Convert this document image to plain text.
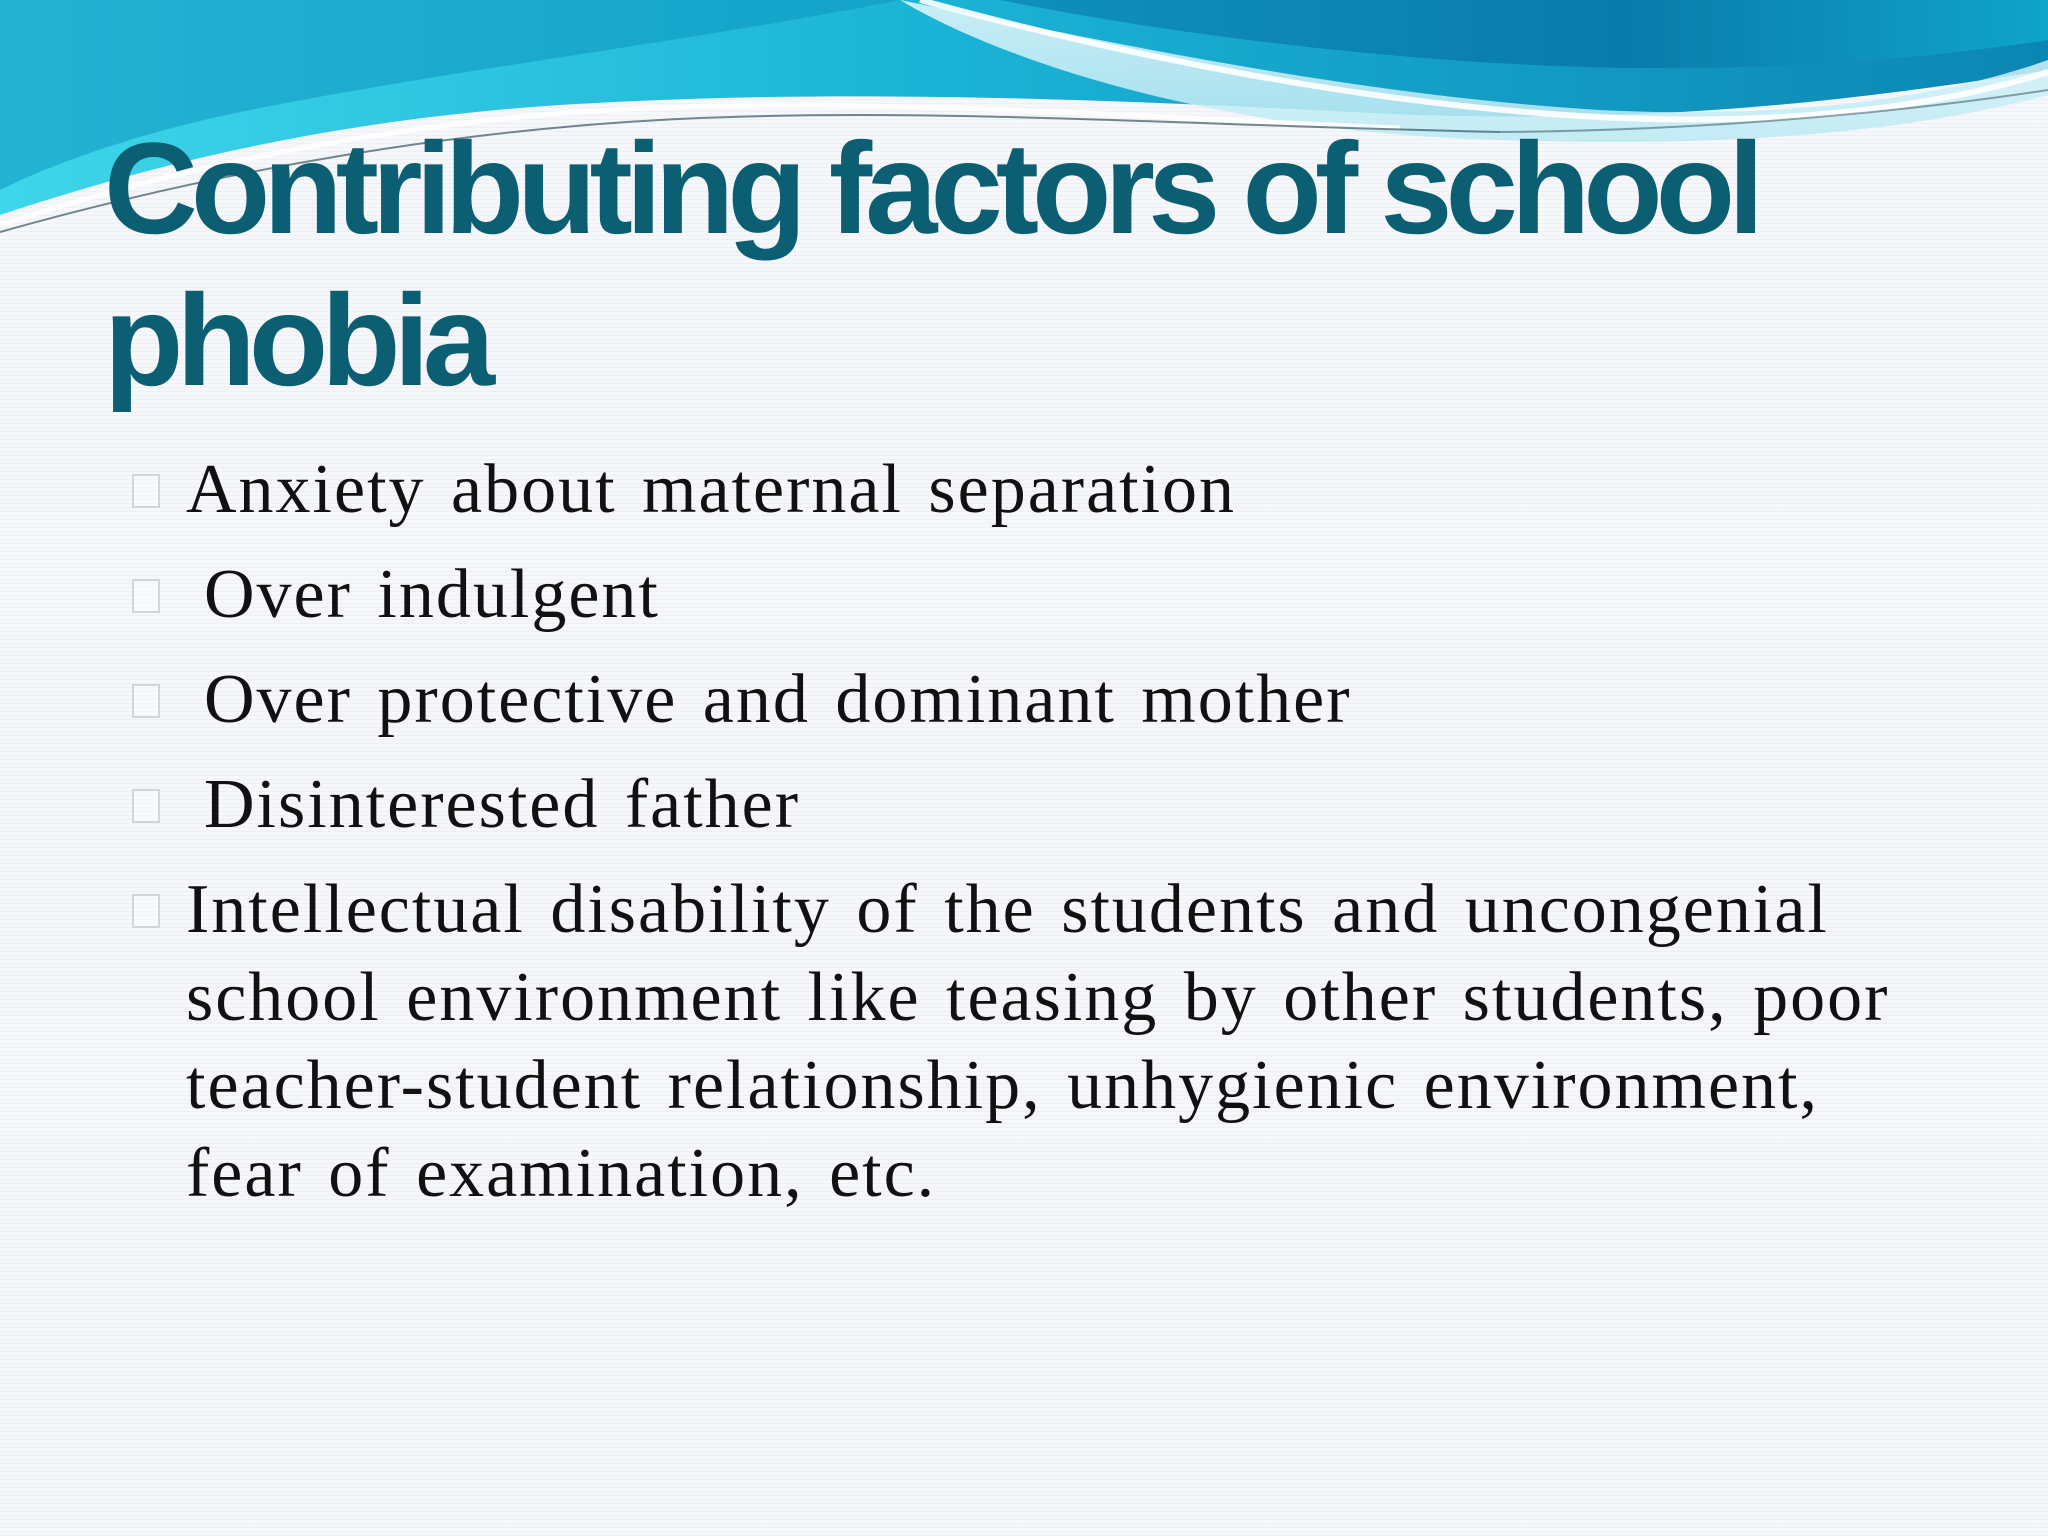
Contributing factors of school phobia
Anxiety about maternal separation
Over indulgent
Over protective and dominant mother
Disinterested father
Intellectual disability of the students and uncongenial school environment like teasing by other students, poor teacher-student relationship, unhygienic environment, fear of examination, etc.
